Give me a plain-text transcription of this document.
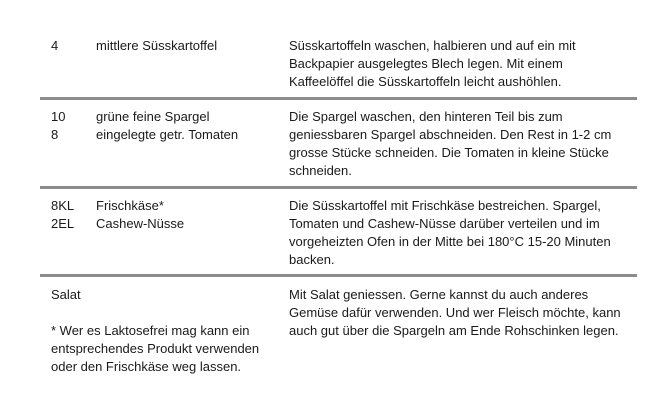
4	mittlere Süsskartoffel	Süsskartoffeln waschen, halbieren und auf ein mit Backpapier ausgelegtes Blech legen. Mit einem Kaffeelöffel die Süsskartoffeln leicht aushöhlen.
10
8
grüne feine Spargel
eingelegte getr. Tomaten
Die Spargel waschen, den hinteren Teil bis zum geniessbaren Spargel abschneiden. Den Rest in 1-2 cm grosse Stücke schneiden. Die Tomaten in kleine Stücke schneiden.
8KL
2EL
Frischkäse*
Cashew-Nüsse
Die Süsskartoffel mit Frischkäse bestreichen. Spargel, Tomaten und Cashew-Nüsse darüber verteilen und im vorgeheizten Ofen in der Mitte bei 180°C 15-20 Minuten backen.
Salat
* Wer es Laktosefrei mag kann ein entsprechendes Produkt verwenden oder den Frischkäse weg lassen.
Mit Salat geniessen. Gerne kannst du auch anderes Gemüse dafür verwenden. Und wer Fleisch möchte, kann auch gut über die Spargeln am Ende Rohschinken legen.
